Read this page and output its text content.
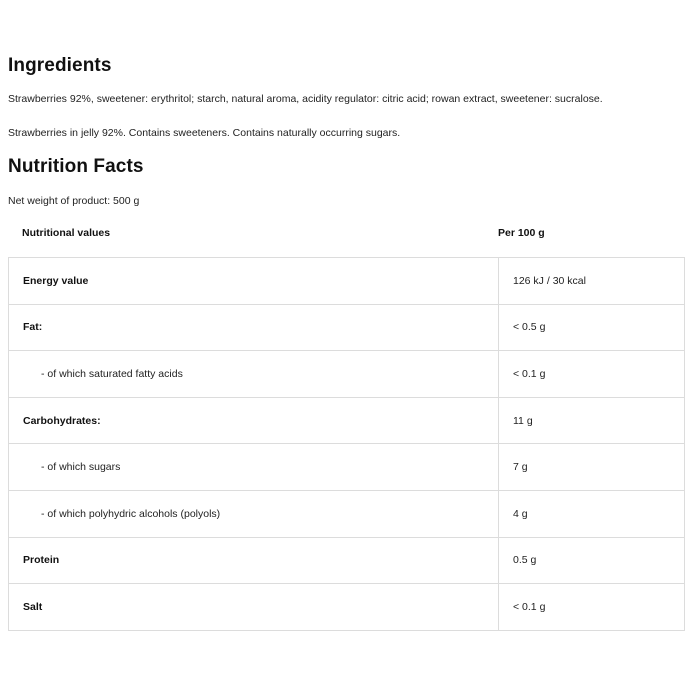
Ingredients
Strawberries 92%, sweetener: erythritol; starch, natural aroma, acidity regulator: citric acid; rowan extract, sweetener: sucralose.
Strawberries in jelly 92%. Contains sweeteners. Contains naturally occurring sugars.
Nutrition Facts
Net weight of product: 500 g
Nutritional values	Per 100 g
Energy value	126 kJ / 30 kcal
Fat:	< 0.5 g
- of which saturated fatty acids	< 0.1 g
Carbohydrates:	11 g
- of which sugars	7 g
- of which polyhydric alcohols (polyols)	4 g
Protein	0.5 g
Salt	< 0.1 g
